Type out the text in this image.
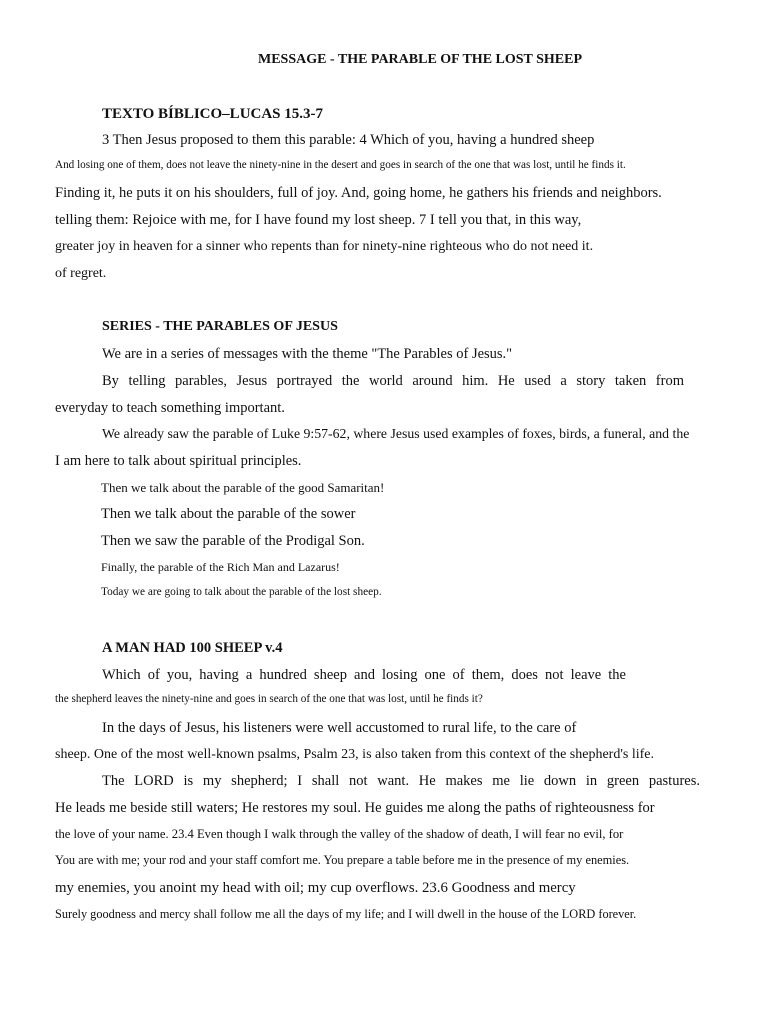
MESSAGE - THE PARABLE OF THE LOST SHEEP
TEXTO BÍBLICO–LUCAS 15.3-7
3 Then Jesus proposed to them this parable: 4 Which of you, having a hundred sheep
And losing one of them, does not leave the ninety-nine in the desert and goes in search of the one that was lost, until he finds it.
Finding it, he puts it on his shoulders, full of joy. And, going home, he gathers his friends and neighbors.
telling them: Rejoice with me, for I have found my lost sheep. 7 I tell you that, in this way,
greater joy in heaven for a sinner who repents than for ninety-nine righteous who do not need it.
of regret.
SERIES - THE PARABLES OF JESUS
We are in a series of messages with the theme "The Parables of Jesus."
By telling parables, Jesus portrayed the world around him. He used a story taken from
everyday to teach something important.
We already saw the parable of Luke 9:57-62, where Jesus used examples of foxes, birds, a funeral, and the
I am here to talk about spiritual principles.
Then we talk about the parable of the good Samaritan!
Then we talk about the parable of the sower
Then we saw the parable of the Prodigal Son.
Finally, the parable of the Rich Man and Lazarus!
Today we are going to talk about the parable of the lost sheep.
A MAN HAD 100 SHEEP v.4
Which of you, having a hundred sheep and losing one of them, does not leave the
the shepherd leaves the ninety-nine and goes in search of the one that was lost, until he finds it?
In the days of Jesus, his listeners were well accustomed to rural life, to the care of
sheep. One of the most well-known psalms, Psalm 23, is also taken from this context of the shepherd's life.
The LORD is my shepherd; I shall not want. He makes me lie down in green pastures.
He leads me beside still waters; He restores my soul. He guides me along the paths of righteousness for
the love of your name. 23.4 Even though I walk through the valley of the shadow of death, I will fear no evil, for
You are with me; your rod and your staff comfort me. You prepare a table before me in the presence of my enemies.
my enemies, you anoint my head with oil; my cup overflows. 23.6 Goodness and mercy
Surely goodness and mercy shall follow me all the days of my life; and I will dwell in the house of the LORD forever.
